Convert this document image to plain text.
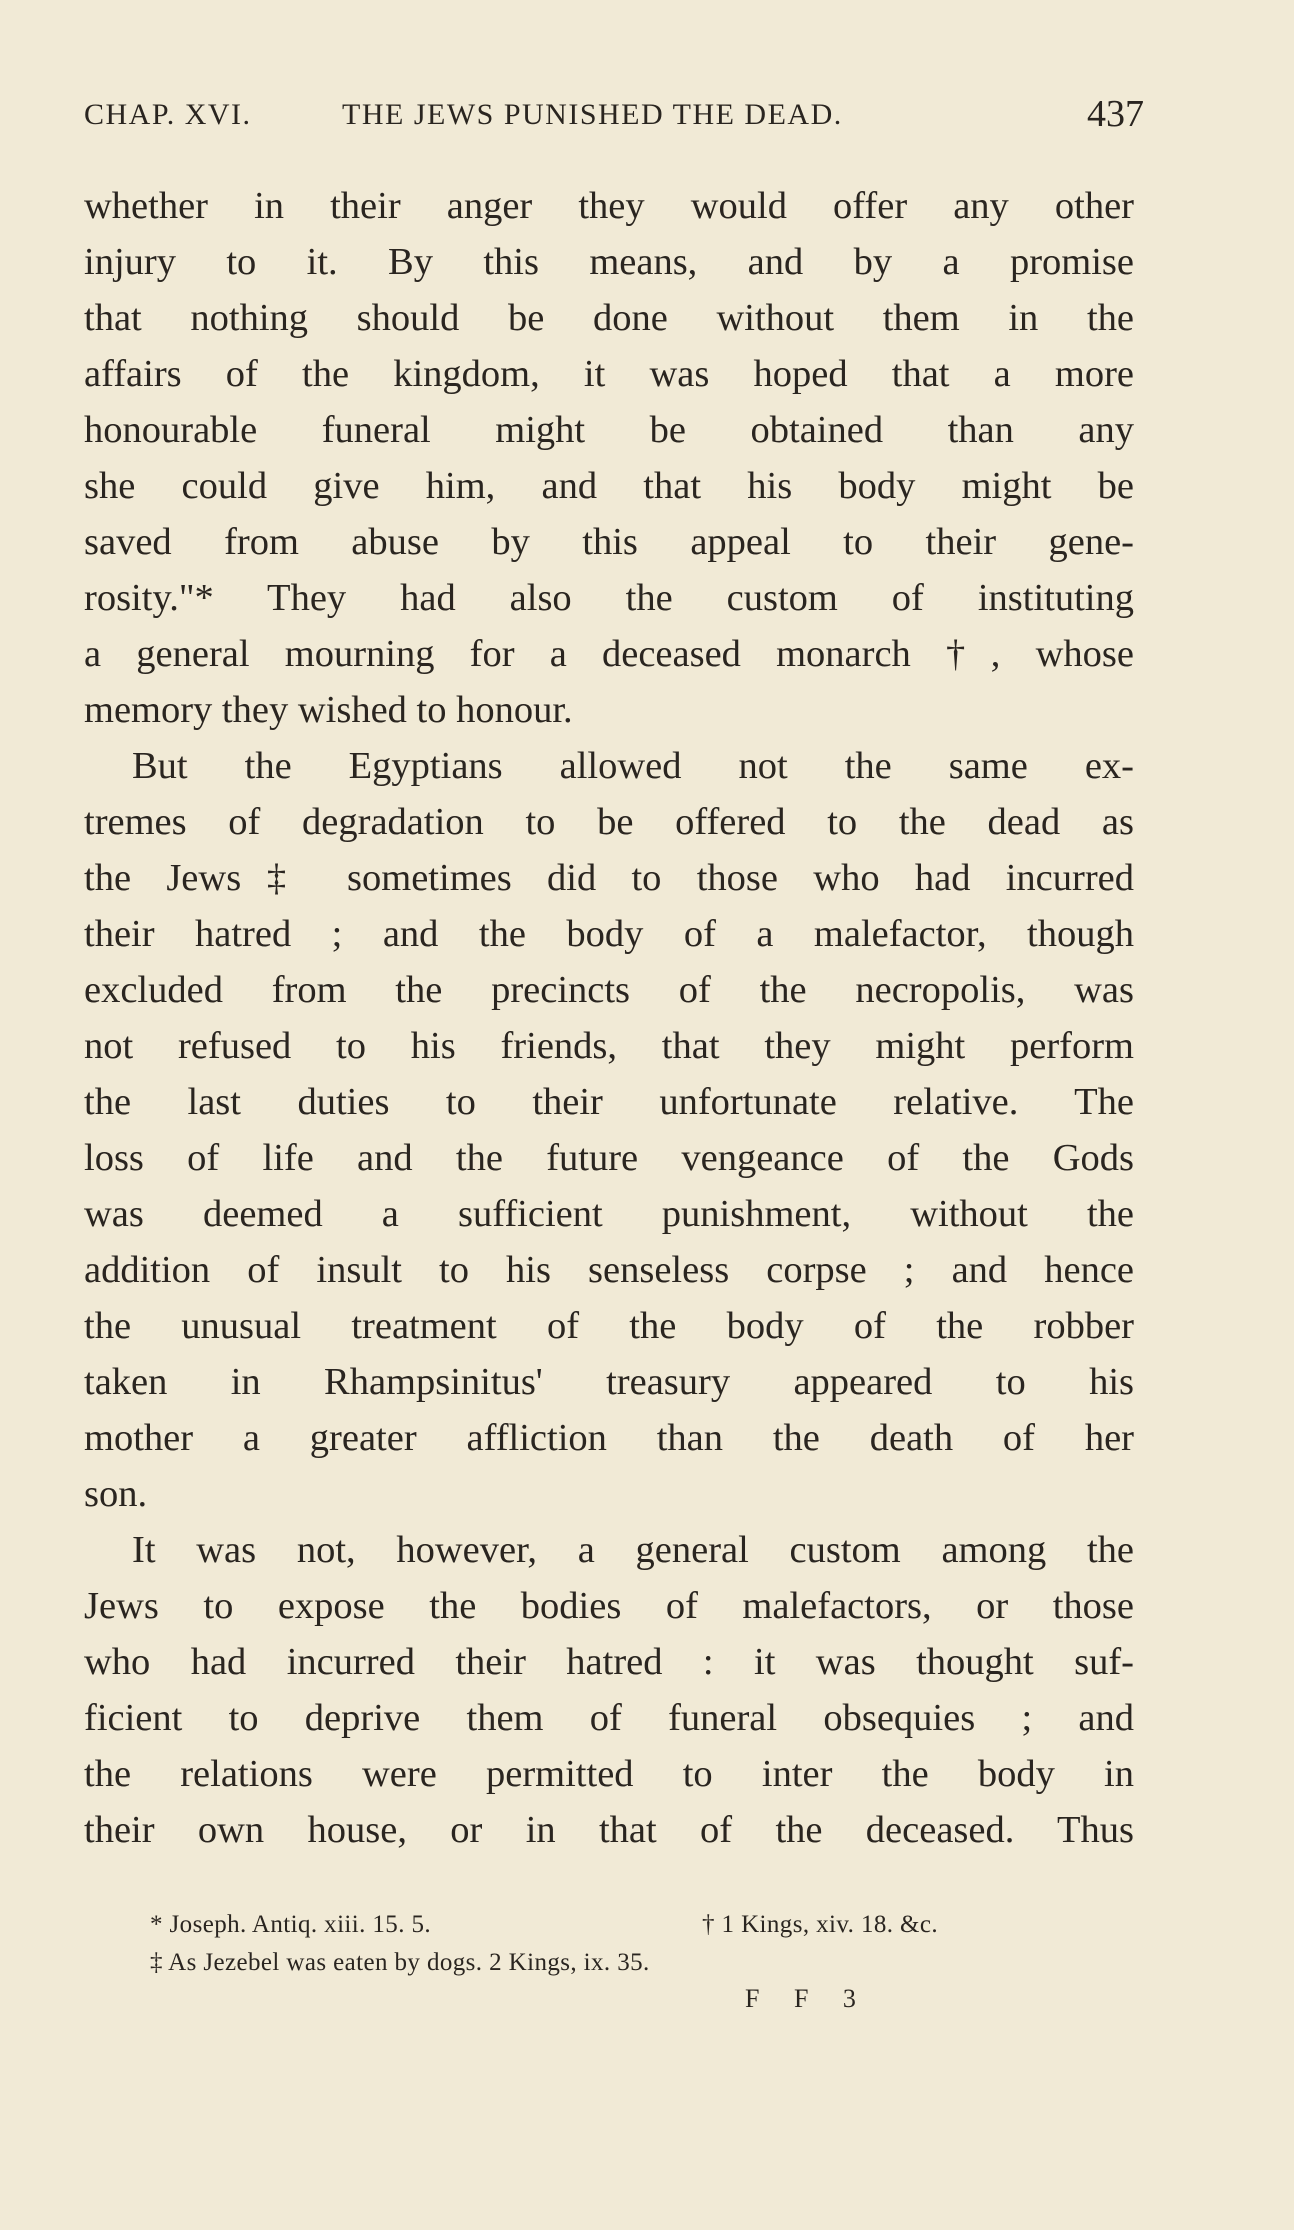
CHAP. XVI.	THE JEWS PUNISHED THE DEAD.	437
whether in their anger they would offer any other
injury to it. By this means, and by a promise
that nothing should be done without them in the
affairs of the kingdom, it was hoped that a more
honourable funeral might be obtained than any
she could give him, and that his body might be
saved from abuse by this appeal to their gene-
rosity."* They had also the custom of instituting
a general mourning for a deceased monarch †, whose
memory they wished to honour.
But the Egyptians allowed not the same ex-
tremes of degradation to be offered to the dead as
the Jews‡ sometimes did to those who had incurred
their hatred ; and the body of a malefactor, though
excluded from the precincts of the necropolis, was
not refused to his friends, that they might perform
the last duties to their unfortunate relative. The
loss of life and the future vengeance of the Gods
was deemed a sufficient punishment, without the
addition of insult to his senseless corpse ; and hence
the unusual treatment of the body of the robber
taken in Rhampsinitus' treasury appeared to his
mother a greater affliction than the death of her
son.
It was not, however, a general custom among the
Jews to expose the bodies of malefactors, or those
who had incurred their hatred : it was thought suf-
ficient to deprive them of funeral obsequies ; and
the relations were permitted to inter the body in
their own house, or in that of the deceased. Thus
* Joseph. Antiq. xiii. 15. 5.	† 1 Kings, xiv. 18. &c.
‡ As Jezebel was eaten by dogs. 2 Kings, ix. 35.
F F 3
